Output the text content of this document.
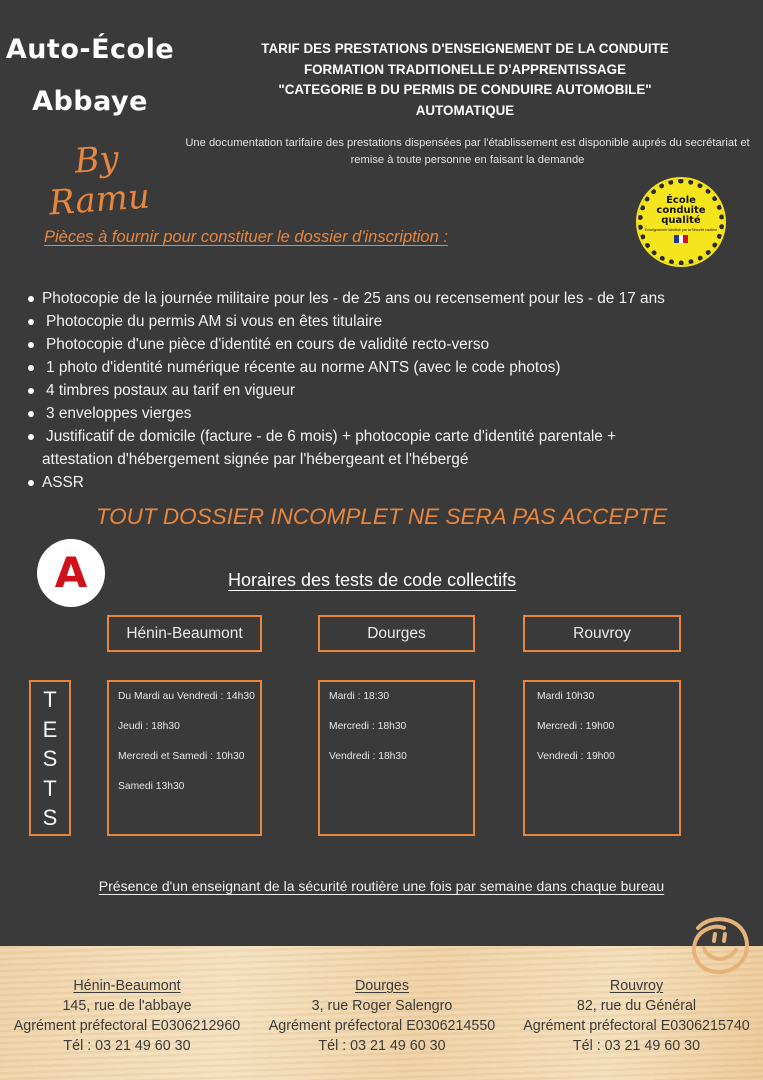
Auto-École
Abbaye
By Ramu
TARIF DES PRESTATIONS D'ENSEIGNEMENT DE LA CONDUITE
FORMATION TRADITIONELLE D'APPRENTISSAGE
"CATEGORIE B DU PERMIS DE CONDUIRE AUTOMOBILE"
AUTOMATIQUE
Une documentation tarifaire des prestations dispensées par l'établissement est disponible auprés du secrétariat et remise à toute personne en faisant la demande
École
conduite
qualité
Enseignement labellisé par la Sécurité routière
Pièces à fournir pour constituer le dossier d'inscription :
Photocopie de la journée militaire pour les - de 25 ans ou recensement pour les - de 17 ans
Photocopie du permis AM si vous en êtes titulaire
Photocopie d'une pièce d'identité en cours de validité recto-verso
1 photo d'identité numérique récente au norme ANTS (avec le code photos)
4 timbres postaux au tarif en vigueur
3 enveloppes vierges
Justificatif de domicile (facture - de 6 mois) + photocopie carte d'identité parentale +
attestation d'hébergement signée par l'hébergeant et l'hébergé
ASSR
TOUT DOSSIER INCOMPLET NE SERA PAS ACCEPTE
A	Horaires des tests de code collectifs
Hénin-Beaumont	Dourges	Rouvroy
T
E
S
T
S
Du Mardi au Vendredi : 14h30
Jeudi : 18h30
Mercredi et Samedi : 10h30
Samedi 13h30
Mardi : 18:30
Mercredi : 18h30
Vendredi : 18h30
Mardi 10h30
Mercredi : 19h00
Vendredi : 19h00
Présence d'un enseignant de la sécurité routière une fois par semaine dans chaque bureau
Hénin-Beaumont
145, rue de l'abbaye
Agrément préfectoral E0306212960
Tél : 03 21 49 60 30
Dourges
3, rue Roger Salengro
Agrément préfectoral E0306214550
Tél : 03 21 49 60 30
Rouvroy
82, rue du Général
Agrément préfectoral E0306215740
Tél : 03 21 49 60 30
